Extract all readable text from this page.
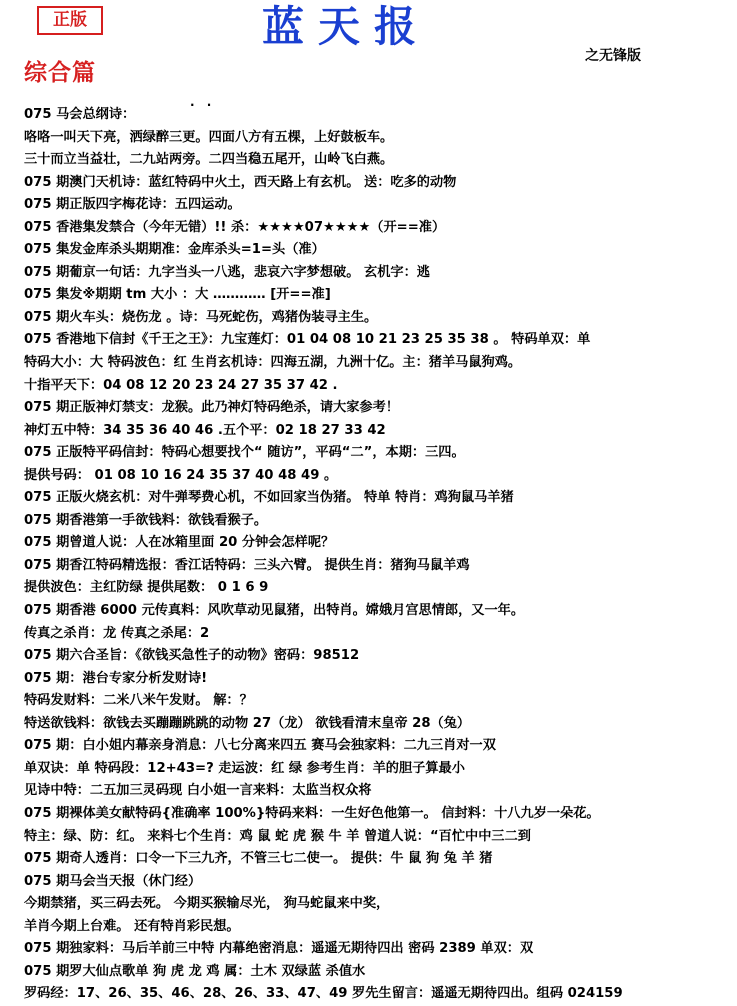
正版	蓝天报
之无锋版
综合篇
. .
075 马会总纲诗：
咯咯一叫天下亮，洒绿醉三更。四面八方有五棵，上好鼓板车。
三十而立当益壮，二九站两旁。二四当稳五尾开，山岭飞白燕。
075 期澳门天机诗：蓝红特码中火土，西天路上有玄机。 送：吃多的动物
075 期正版四字梅花诗：五四运动。
075 香港集发禁合（今年无错）!! 杀：★★★★07★★★★（开==准）
075 集发金库杀头期期准：金库杀头=1=头（准）
075 期葡京一句话：九字当头一八逃，悲哀六字梦想破。 玄机字：逃
075 集发※期期 tm 大小 ：大 ………… [开==准]
075 期火车头：烧伤龙 。诗：马死蛇伤，鸡猪伪装寻主生。
075 香港地下信封《千王之王》：九宝莲灯：01 04 08 10 21 23 25 35 38 。 特码单双：单
特码大小：大 特码波色：红 生肖玄机诗：四海五湖，九洲十亿。主：猪羊马鼠狗鸡。
十指平天下：04 08 12 20 23 24 27 35 37 42 .
075 期正版神灯禁支：龙猴。此乃神灯特码绝杀，请大家参考！
神灯五中特：34 35 36 40 46 .五个平：02 18 27 33 42
075 正版特平码信封：特码心想要找个“ 随访”，平码“二”，本期：三四。
提供号码： 01 08 10 16 24 35 37 40 48 49 。
075 正版火烧玄机：对牛弹琴费心机，不如回家当伪猪。 特单 特肖：鸡狗鼠马羊猪
075 期香港第一手欲钱料：欲钱看猴子。
075 期曾道人说：人在冰箱里面 20 分钟会怎样呢？
075 期香江特码精选报：香江话特码：三头六臂。 提供生肖：猪狗马鼠羊鸡
提供波色：主红防绿 提供尾数： 0 1 6 9
075 期香港 6000 元传真料：风吹草动见鼠猪，出特肖。嫦娥月宫思情郎，又一年。
传真之杀肖：龙 传真之杀尾：2
075 期六合圣旨：《欲钱买急性子的动物》密码：98512
075 期：港台专家分析发财诗!
特码发财料：二米八米午发财。 解：？
特送欲钱料：欲钱去买蹦蹦跳跳的动物 27（龙） 欲钱看清末皇帝 28（兔）
075 期：白小姐内幕亲身消息：八七分离来四五 赛马会独家料：二九三肖对一双
单双诀：单 特码段：12+43=? 走运波：红 绿 参考生肖：羊的胆子算最小
见诗中特：二五加三灵码现 白小姐一言来料：太监当权众将
075 期裸体美女献特码{准确率 100%}特码来料：一生好色他第一。 信封料：十八九岁一朵花。
特主：绿、防：红。 来料七个生肖：鸡 鼠 蛇 虎 猴 牛 羊 曾道人说：“百忙中中三二到
075 期奇人透肖：口令一下三九齐，不管三七二使一。 提供：牛 鼠 狗 兔 羊 猪
075 期马会当天报（休门经）
今期禁猪，买三码去死。 今期买猴输尽光， 狗马蛇鼠来中奖，
羊肖今期上台难。 还有特肖彩民想。
075 期独家料：马后羊前三中特 内幕绝密消息：遥遥无期待四出 密码 2389 单双：双
075 期罗大仙点歌单 狗 虎 龙 鸡 属：土木 双绿蓝 杀值水
罗码经：17、26、35、46、28、26、33、47、49 罗先生留言：遥遥无期待四出。组码 024159
